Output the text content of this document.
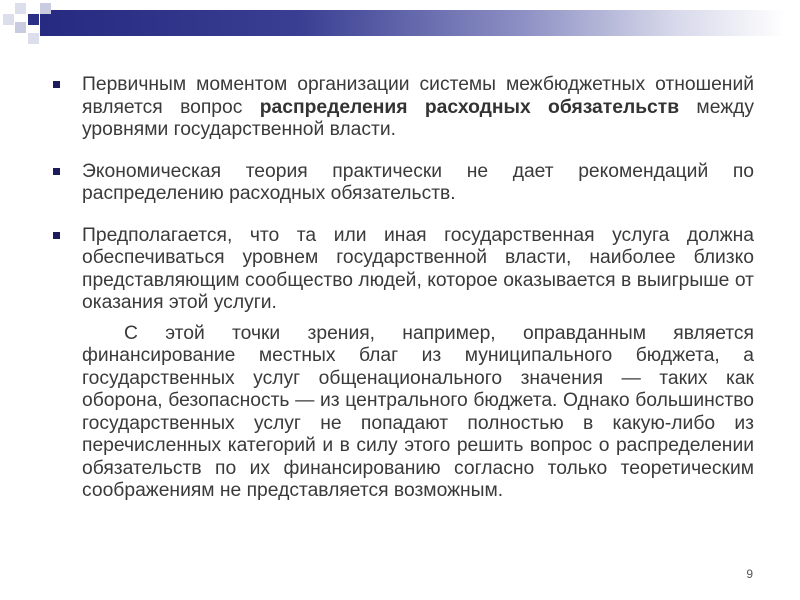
Первичным моментом организации системы межбюджетных отношений является вопрос распределения расходных обязательств между уровнями государственной власти.
Экономическая теория практически не дает рекомендаций по распределению расходных обязательств.
Предполагается, что та или иная государственная услуга должна обеспечиваться уровнем государственной власти, наиболее близко представляющим сообщество людей, которое оказывается в выигрыше от оказания этой услуги.
С этой точки зрения, например, оправданным является финансирование местных благ из муниципального бюджета, а государственных услуг общенационального значения — таких как оборона, безопасность — из центрального бюджета. Однако большинство государственных услуг не попадают полностью в какую-либо из перечисленных категорий и в силу этого решить вопрос о распределении обязательств по их финансированию согласно только теоретическим соображениям не представляется возможным.
9
